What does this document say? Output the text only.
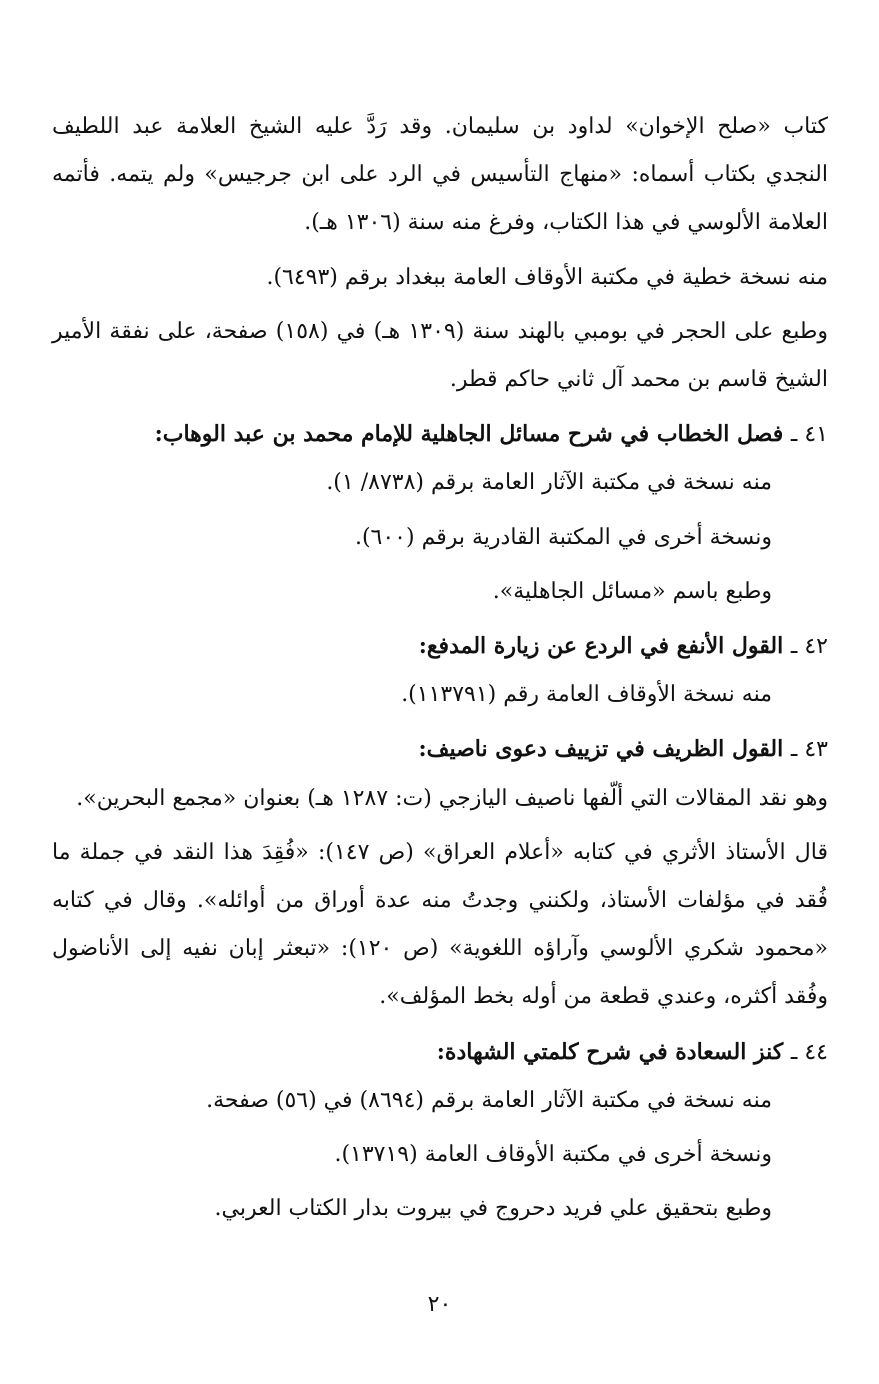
كتاب «صلح الإخوان» لداود بن سليمان. وقد رَدَّ عليه الشيخ العلامة عبد اللطيف النجدي بكتاب أسماه: «منهاج التأسيس في الرد على ابن جرجيس» ولم يتمه. فأتمه العلامة الألوسي في هذا الكتاب، وفرغ منه سنة (١٣٠٦ هـ).

منه نسخة خطية في مكتبة الأوقاف العامة ببغداد برقم (٦٤٩٣).

وطبع على الحجر في بومبي بالهند سنة (١٣٠٩ هـ) في (١٥٨) صفحة، على نفقة الأمير الشيخ قاسم بن محمد آل ثاني حاكم قطر.

٤١ ـ فصل الخطاب في شرح مسائل الجاهلية للإمام محمد بن عبد الوهاب:

منه نسخة في مكتبة الآثار العامة برقم (٨٧٣٨/ ١).

ونسخة أخرى في المكتبة القادرية برقم (٦٠٠).

وطبع باسم «مسائل الجاهلية».

٤٢ ـ القول الأنفع في الردع عن زيارة المدفع:

منه نسخة الأوقاف العامة رقم (١١٣٧٩١).

٤٣ ـ القول الظريف في تزييف دعوى ناصيف:

وهو نقد المقالات التي ألّفها ناصيف اليازجي (ت: ١٢٨٧ هـ) بعنوان «مجمع البحرين».

قال الأستاذ الأثري في كتابه «أعلام العراق» (ص ١٤٧): «فُقِدَ هذا النقد في جملة ما فُقد في مؤلفات الأستاذ، ولكنني وجدتُ منه عدة أوراق من أوائله». وقال في كتابه «محمود شكري الألوسي وآراؤه اللغوية» (ص ١٢٠): «تبعثر إبان نفيه إلى الأناضول وفُقد أكثره، وعندي قطعة من أوله بخط المؤلف».

٤٤ ـ كنز السعادة في شرح كلمتي الشهادة:

منه نسخة في مكتبة الآثار العامة برقم (٨٦٩٤) في (٥٦) صفحة.

ونسخة أخرى في مكتبة الأوقاف العامة (١٣٧١٩).

وطبع بتحقيق علي فريد دحروج في بيروت بدار الكتاب العربي.

٢٠
